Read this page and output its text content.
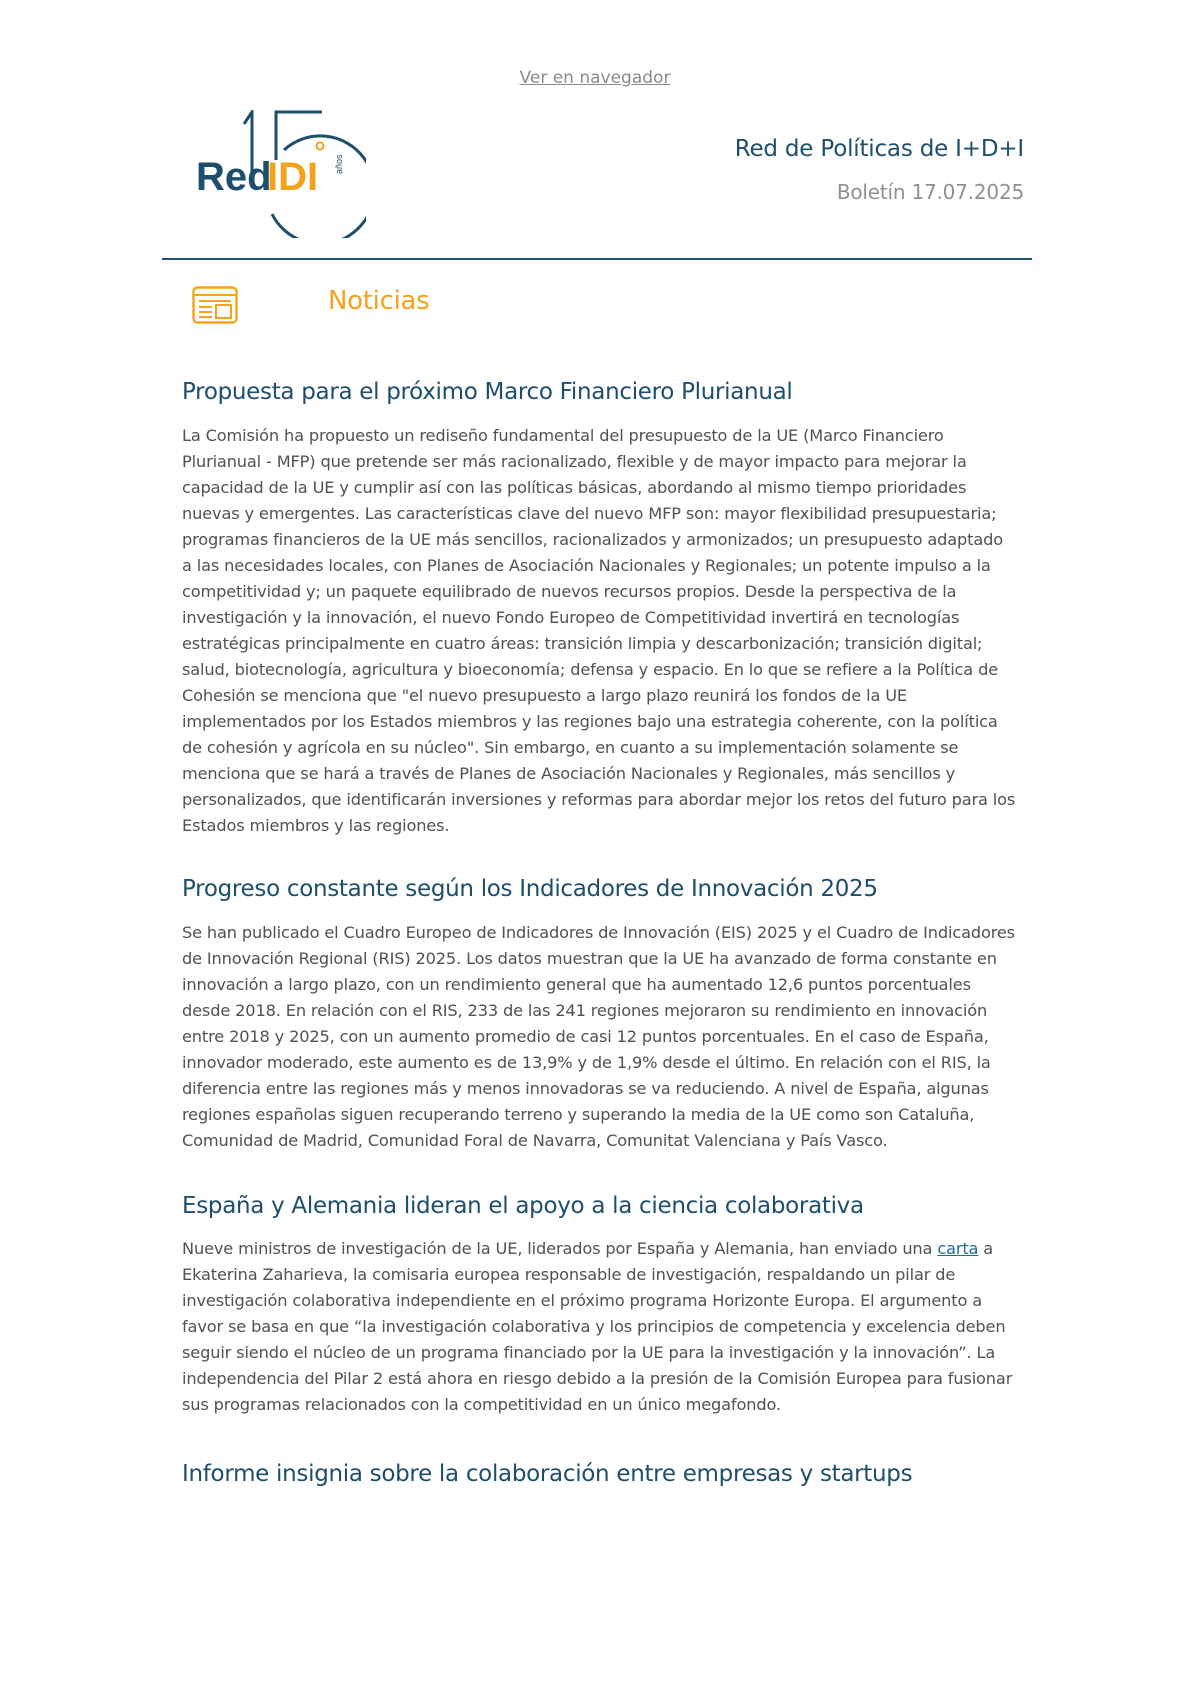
Ver en navegador
Red
IDI años
Red de Políticas de I+D+I
Boletín 17.07.2025
Noticias
Propuesta para el próximo Marco Financiero Plurianual

La Comisión ha propuesto un rediseño fundamental del presupuesto de la UE (Marco Financiero Plurianual - MFP) que pretende ser más racionalizado, flexible y de mayor impacto para mejorar la capacidad de la UE y cumplir así con las políticas básicas, abordando al mismo tiempo prioridades nuevas y emergentes. Las características clave del nuevo MFP son: mayor flexibilidad presupuestaria; programas financieros de la UE más sencillos, racionalizados y armonizados; un presupuesto adaptado a las necesidades locales, con Planes de Asociación Nacionales y Regionales; un potente impulso a la competitividad y; un paquete equilibrado de nuevos recursos propios. Desde la perspectiva de la investigación y la innovación, el nuevo Fondo Europeo de Competitividad invertirá en tecnologías estratégicas principalmente en cuatro áreas: transición limpia y descarbonización; transición digital; salud, biotecnología, agricultura y bioeconomía; defensa y espacio. En lo que se refiere a la Política de Cohesión se menciona que "el nuevo presupuesto a largo plazo reunirá los fondos de la UE implementados por los Estados miembros y las regiones bajo una estrategia coherente, con la política de cohesión y agrícola en su núcleo". Sin embargo, en cuanto a su implementación solamente se menciona que se hará a través de Planes de Asociación Nacionales y Regionales, más sencillos y personalizados, que identificarán inversiones y reformas para abordar mejor los retos del futuro para los Estados miembros y las regiones.

Progreso constante según los Indicadores de Innovación 2025

Se han publicado el Cuadro Europeo de Indicadores de Innovación (EIS) 2025 y el Cuadro de Indicadores de Innovación Regional (RIS) 2025. Los datos muestran que la UE ha avanzado de forma constante en innovación a largo plazo, con un rendimiento general que ha aumentado 12,6 puntos porcentuales desde 2018. En relación con el RIS, 233 de las 241 regiones mejoraron su rendimiento en innovación entre 2018 y 2025, con un aumento promedio de casi 12 puntos porcentuales. En el caso de España, innovador moderado, este aumento es de 13,9% y de 1,9% desde el último. En relación con el RIS, la diferencia entre las regiones más y menos innovadoras se va reduciendo. A nivel de España, algunas regiones españolas siguen recuperando terreno y superando la media de la UE como son Cataluña, Comunidad de Madrid, Comunidad Foral de Navarra, Comunitat Valenciana y País Vasco.

España y Alemania lideran el apoyo a la ciencia colaborativa

Nueve ministros de investigación de la UE, liderados por España y Alemania, han enviado una carta a Ekaterina Zaharieva, la comisaria europea responsable de investigación, respaldando un pilar de investigación colaborativa independiente en el próximo programa Horizonte Europa. El argumento a favor se basa en que “la investigación colaborativa y los principios de competencia y excelencia deben seguir siendo el núcleo de un programa financiado por la UE para la investigación y la innovación”. La independencia del Pilar 2 está ahora en riesgo debido a la presión de la Comisión Europea para fusionar sus programas relacionados con la competitividad en un único megafondo.

Informe insignia sobre la colaboración entre empresas y startups
